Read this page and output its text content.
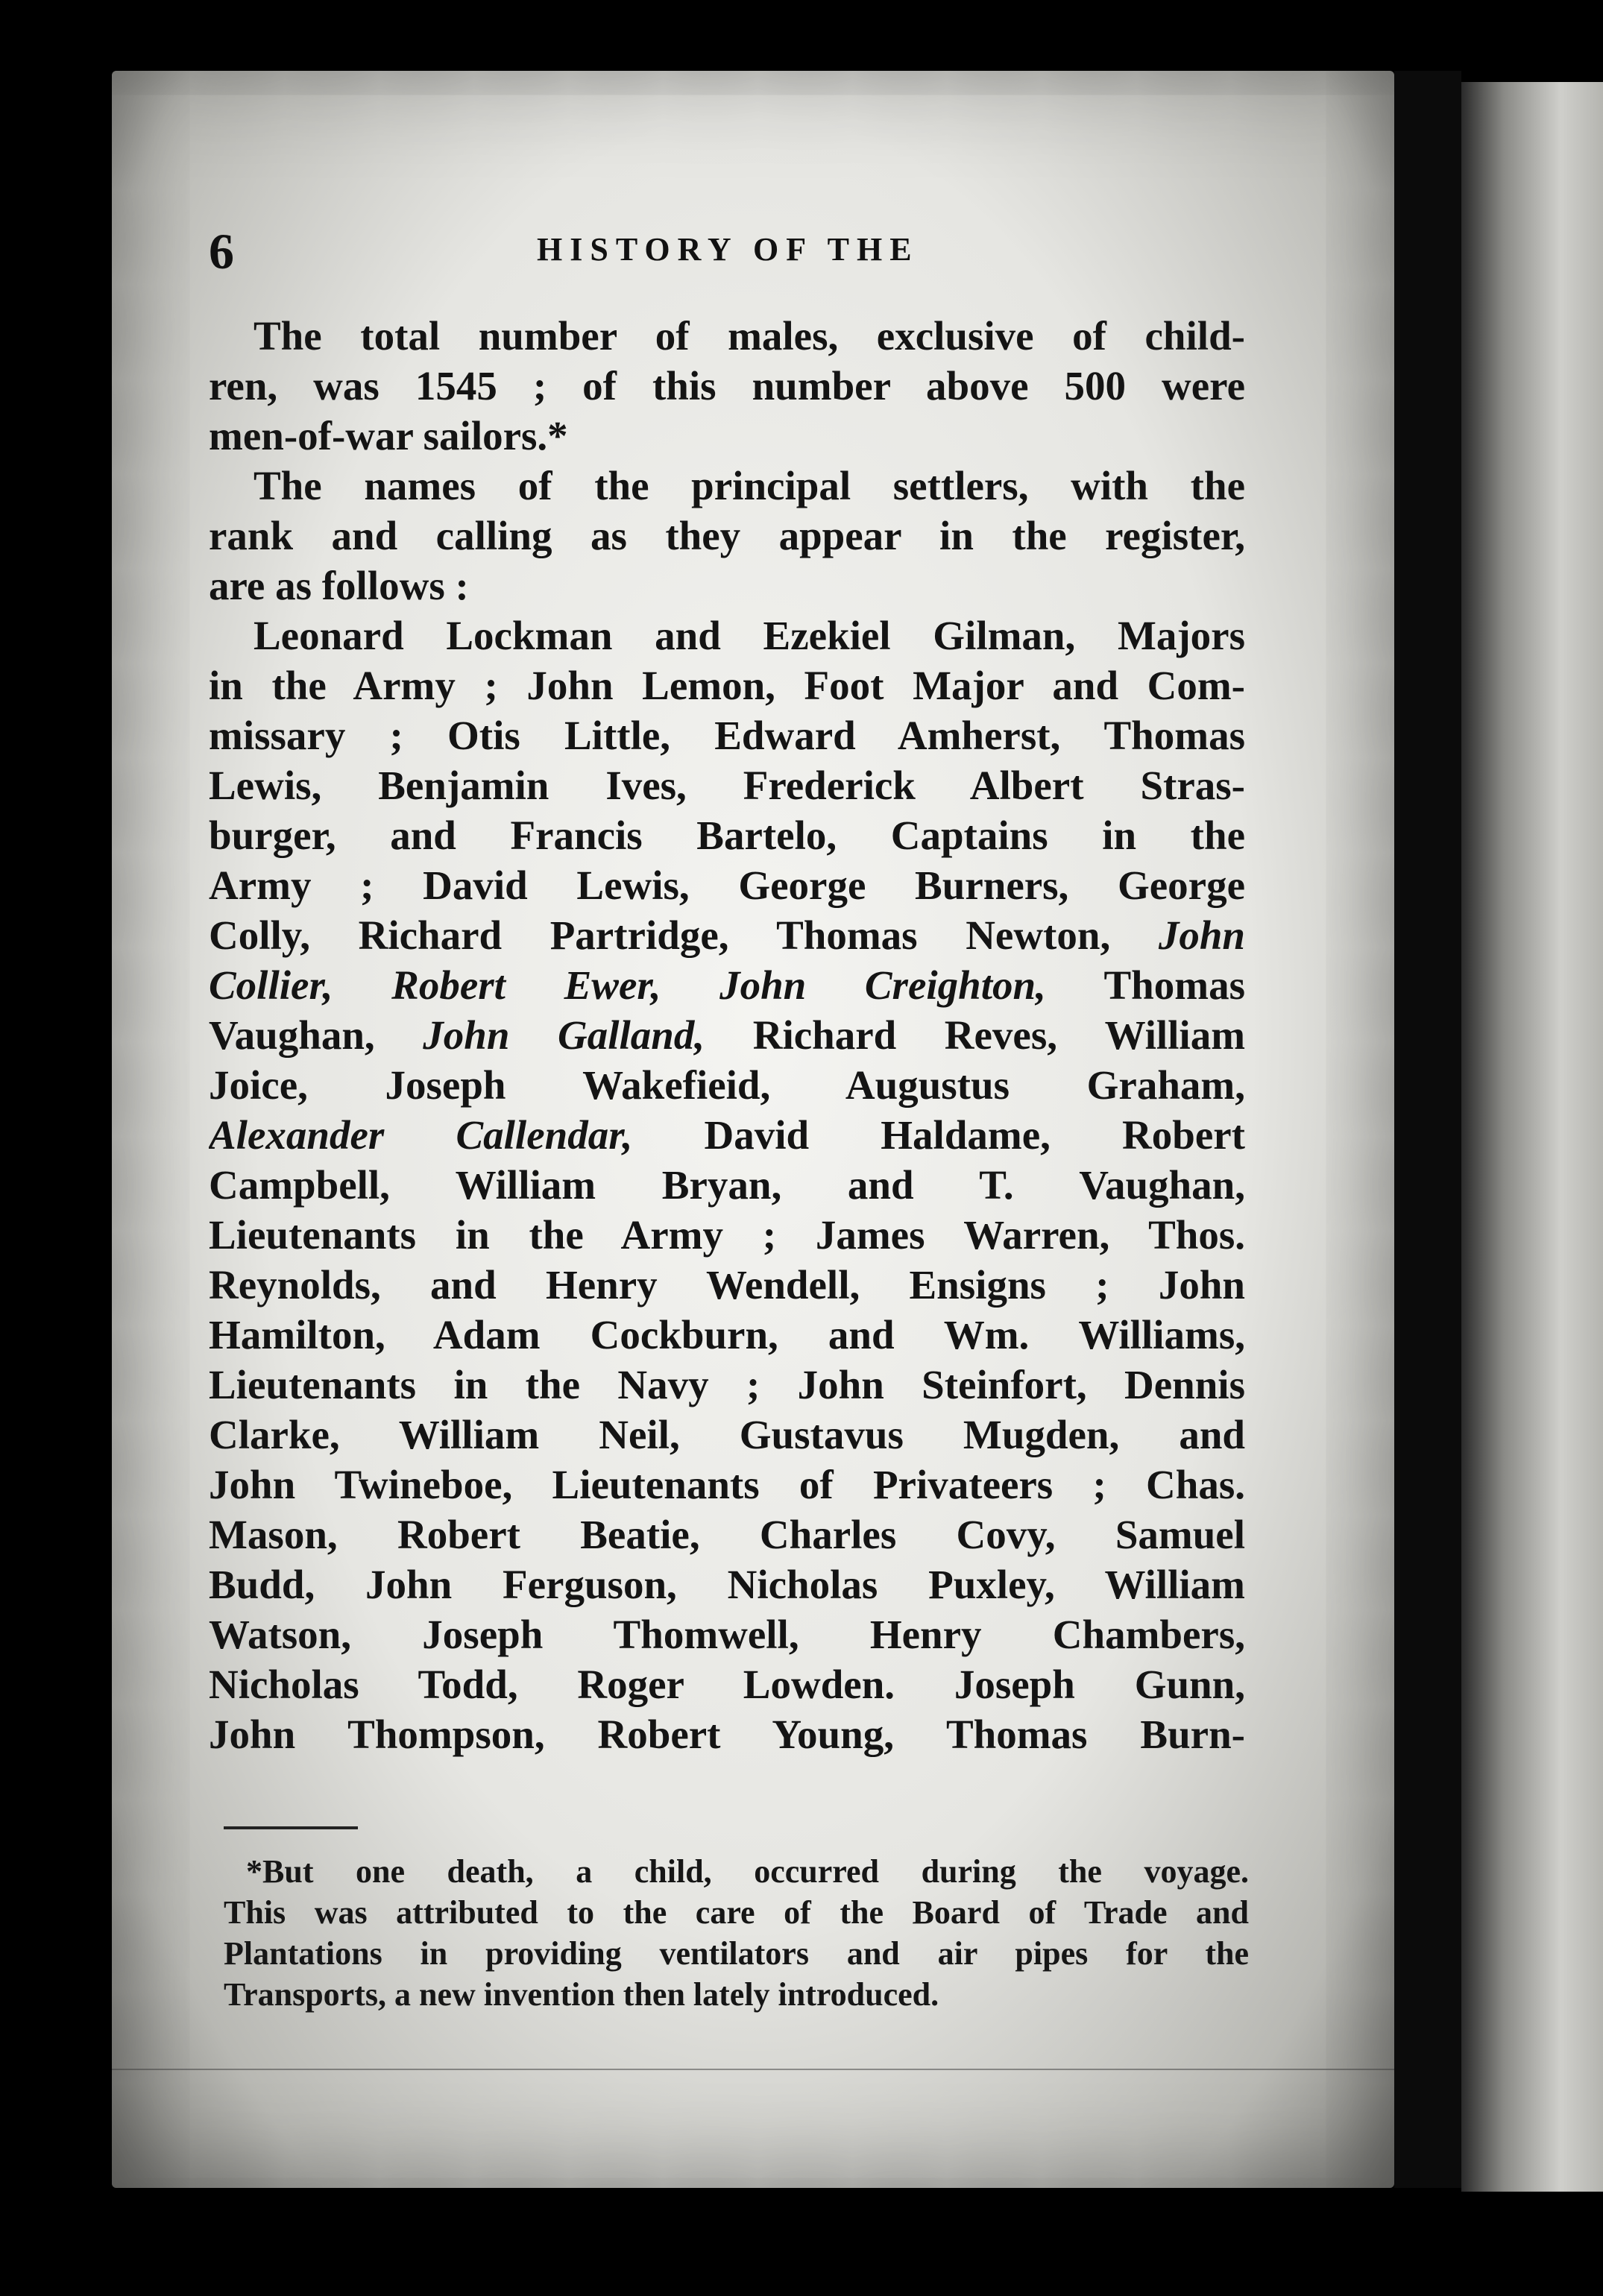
6	HISTORY OF THE
The total number of males, exclusive of child-
ren, was 1545 ; of this number above 500 were
men-of-war sailors.*
The names of the principal settlers, with the
rank and calling as they appear in the register,
are as follows :
Leonard Lockman and Ezekiel Gilman, Majors
in the Army ; John Lemon, Foot Major and Com-
missary ; Otis Little, Edward Amherst, Thomas
Lewis, Benjamin Ives, Frederick Albert Stras-
burger, and Francis Bartelo, Captains in the
Army ; David Lewis, George Burners, George
Colly, Richard Partridge, Thomas Newton, John
Collier, Robert Ewer, John Creighton, Thomas
Vaughan, John Galland, Richard Reves, William
Joice, Joseph Wakefieid, Augustus Graham,
Alexander Callendar, David Haldame, Robert
Campbell, William Bryan, and T. Vaughan,
Lieutenants in the Army ; James Warren, Thos.
Reynolds, and Henry Wendell, Ensigns ; John
Hamilton, Adam Cockburn, and Wm. Williams,
Lieutenants in the Navy ; John Steinfort, Dennis
Clarke, William Neil, Gustavus Mugden, and
John Twineboe, Lieutenants of Privateers ; Chas.
Mason, Robert Beatie, Charles Covy, Samuel
Budd, John Ferguson, Nicholas Puxley, William
Watson, Joseph Thomwell, Henry Chambers,
Nicholas Todd, Roger Lowden. Joseph Gunn,
John Thompson, Robert Young, Thomas Burn-
*But one death, a child, occurred during the voyage.
This was attributed to the care of the Board of Trade and
Plantations in providing ventilators and air pipes for the
Transports, a new invention then lately introduced.
